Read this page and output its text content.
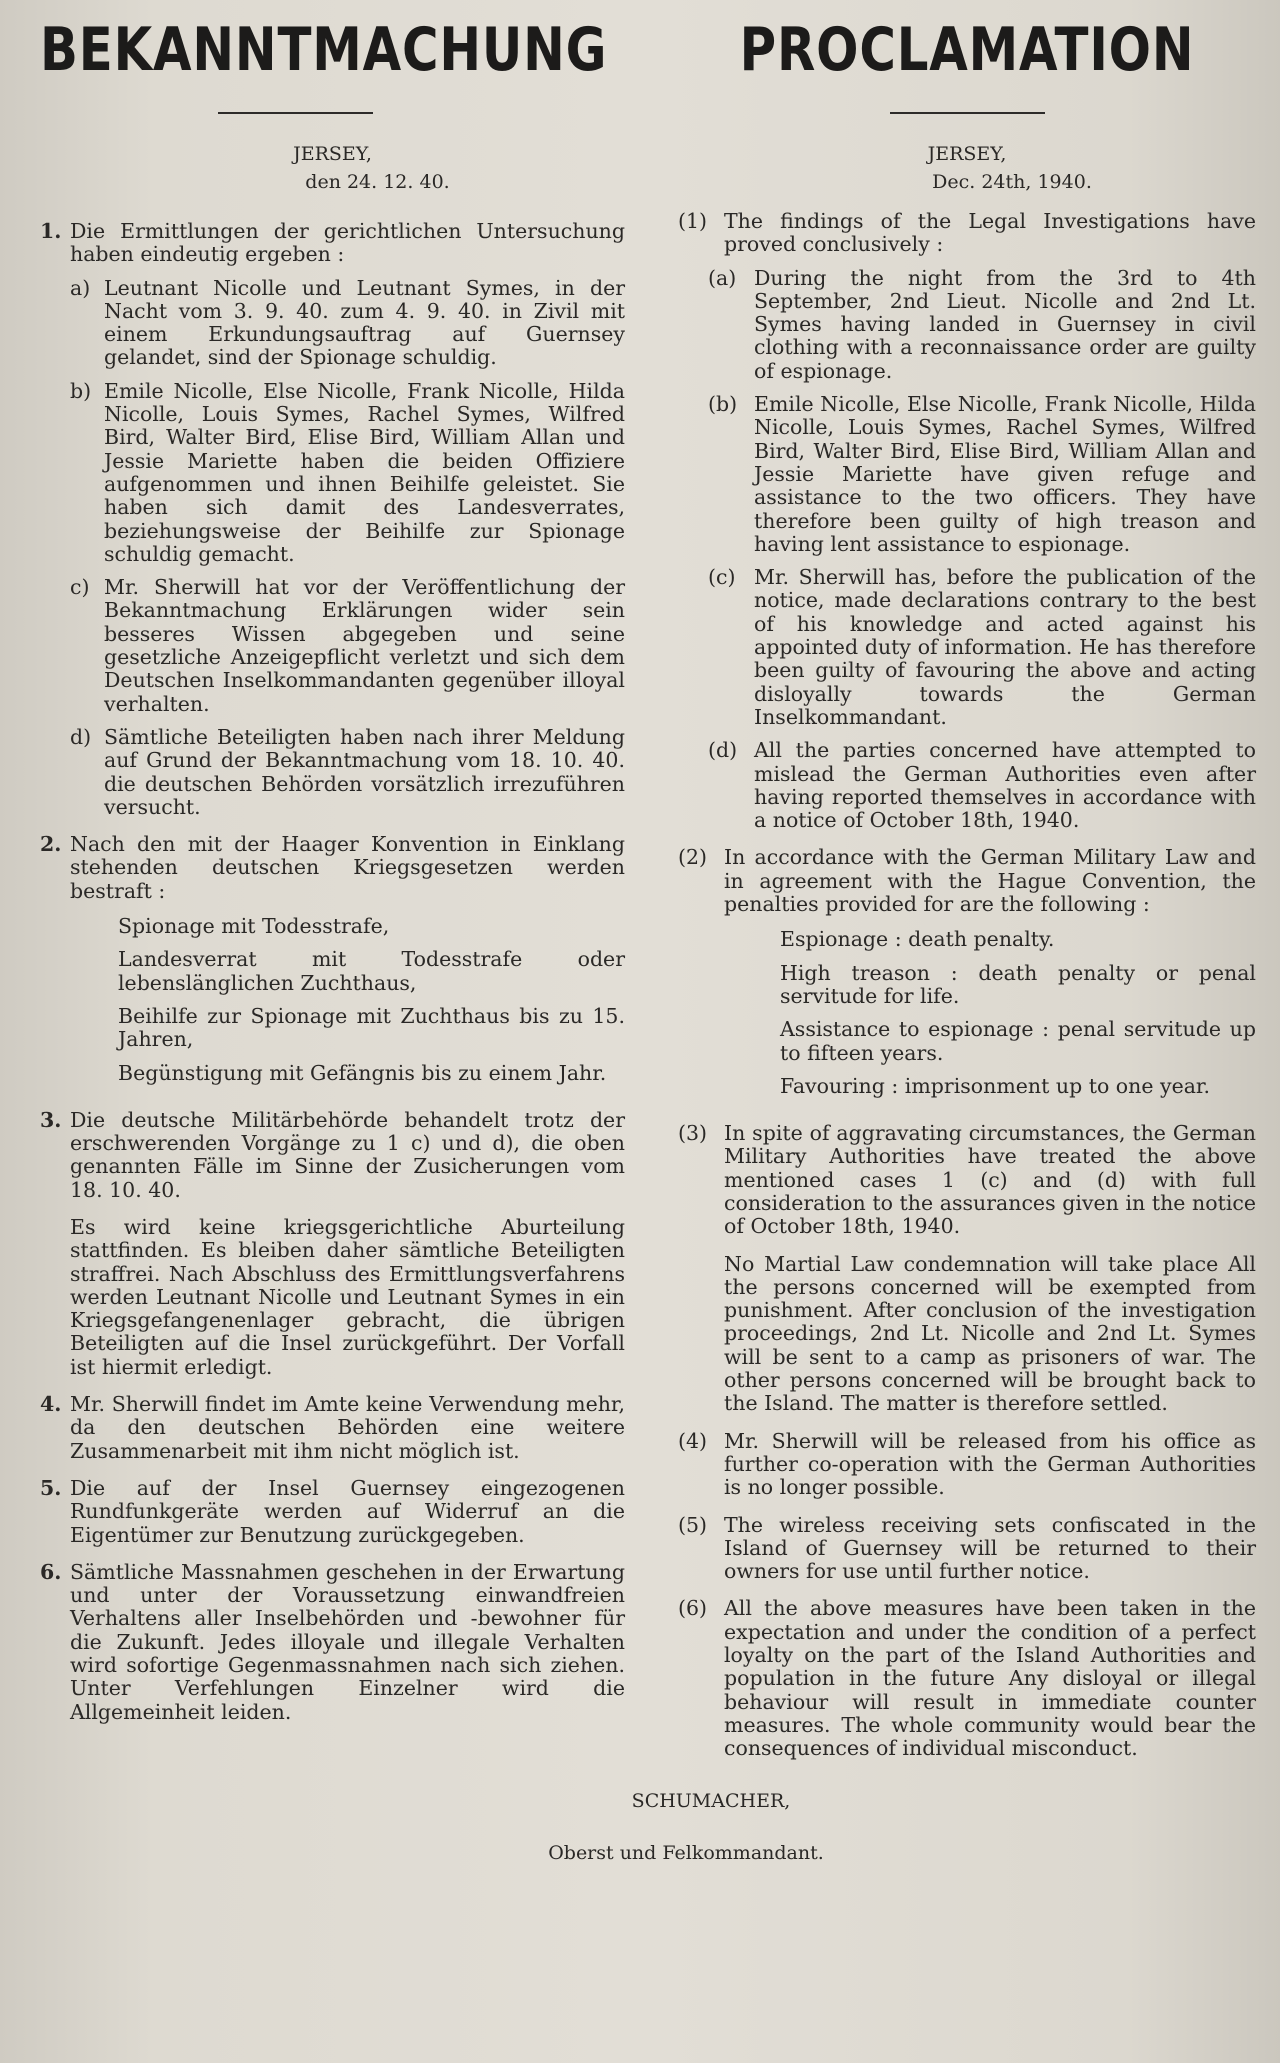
BEKANNTMACHUNG
JERSEY,
den 24. 12. 40.
1. Die Ermittlungen der gerichtlichen Untersuchung haben eindeutig ergeben :
a) Leutnant Nicolle und Leutnant Symes, in der Nacht vom 3. 9. 40. zum 4. 9. 40. in Zivil mit einem Erkundungsauftrag auf Guernsey gelandet, sind der Spionage schuldig.
b) Emile Nicolle, Else Nicolle, Frank Nicolle, Hilda Nicolle, Louis Symes, Rachel Symes, Wilfred Bird, Walter Bird, Elise Bird, William Allan und Jessie Mariette haben die beiden Offiziere aufgenommen und ihnen Beihilfe geleistet. Sie haben sich damit des Landesverrates, beziehungsweise der Beihilfe zur Spionage schuldig gemacht.
c) Mr. Sherwill hat vor der Veröffentlichung der Bekanntmachung Erklärungen wider sein besseres Wissen abgegeben und seine gesetzliche Anzeigepflicht verletzt und sich dem Deutschen Inselkommandanten gegenüber illoyal verhalten.
d) Sämtliche Beteiligten haben nach ihrer Meldung auf Grund der Bekanntmachung vom 18. 10. 40. die deutschen Behörden vorsätzlich irrezuführen versucht.
2. Nach den mit der Haager Konvention in Einklang stehenden deutschen Kriegsgesetzen werden bestraft :

Spionage mit Todesstrafe,

Landesverrat mit Todesstrafe oder lebenslänglichen Zuchthaus,

Beihilfe zur Spionage mit Zuchthaus bis zu 15. Jahren,

Begünstigung mit Gefängnis bis zu einem Jahr.

3. Die deutsche Militärbehörde behandelt trotz der erschwerenden Vorgänge zu 1 c) und d), die oben genannten Fälle im Sinne der Zusicherungen vom 18. 10. 40.
Es wird keine kriegsgerichtliche Aburteilung stattfinden. Es bleiben daher sämtliche Beteiligten straffrei. Nach Abschluss des Ermittlungsverfahrens werden Leutnant Nicolle und Leutnant Symes in ein Kriegsgefangenenlager gebracht, die übrigen Beteiligten auf die Insel zurückgeführt. Der Vorfall ist hiermit erledigt.
4. Mr. Sherwill findet im Amte keine Verwendung mehr, da den deutschen Behörden eine weitere Zusammenarbeit mit ihm nicht möglich ist.
5. Die auf der Insel Guernsey eingezogenen Rundfunkgeräte werden auf Widerruf an die Eigentümer zur Benutzung zurückgegeben.
6. Sämtliche Massnahmen geschehen in der Erwartung und unter der Voraussetzung einwandfreien Verhaltens aller Inselbehörden und -bewohner für die Zukunft. Jedes illoyale und illegale Verhalten wird sofortige Gegenmassnahmen nach sich ziehen. Unter Verfehlungen Einzelner wird die Allgemeinheit leiden.
PROCLAMATION
JERSEY,
Dec. 24th, 1940.
(1) The findings of the Legal Investigations have proved conclusively :
(a) During the night from the 3rd to 4th September, 2nd Lieut. Nicolle and 2nd Lt. Symes having landed in Guernsey in civil clothing with a reconnaissance order are guilty of espionage.
(b) Emile Nicolle, Else Nicolle, Frank Nicolle, Hilda Nicolle, Louis Symes, Rachel Symes, Wilfred Bird, Walter Bird, Elise Bird, William Allan and Jessie Mariette have given refuge and assistance to the two officers. They have therefore been guilty of high treason and having lent assistance to espionage.
(c) Mr. Sherwill has, before the publication of the notice, made declarations contrary to the best of his knowledge and acted against his appointed duty of information. He has therefore been guilty of favouring the above and acting disloyally towards the German Inselkommandant.
(d) All the parties concerned have attempted to mislead the German Authorities even after having reported themselves in accordance with a notice of October 18th, 1940.
(2) In accordance with the German Military Law and in agreement with the Hague Convention, the penalties provided for are the following :

Espionage : death penalty.

High treason : death penalty or penal servitude for life.

Assistance to espionage : penal servitude up to fifteen years.

Favouring : imprisonment up to one year.

(3) In spite of aggravating circumstances, the German Military Authorities have treated the above mentioned cases 1 (c) and (d) with full consideration to the assurances given in the notice of October 18th, 1940.
No Martial Law condemnation will take place All the persons concerned will be exempted from punishment. After conclusion of the investigation proceedings, 2nd Lt. Nicolle and 2nd Lt. Symes will be sent to a camp as prisoners of war. The other persons concerned will be brought back to the Island. The matter is therefore settled.
(4) Mr. Sherwill will be released from his office as further co-operation with the German Authorities is no longer possible.
(5) The wireless receiving sets confiscated in the Island of Guernsey will be returned to their owners for use until further notice.
(6) All the above measures have been taken in the expectation and under the condition of a perfect loyalty on the part of the Island Authorities and population in the future Any disloyal or illegal behaviour will result in immediate counter measures. The whole community would bear the consequences of individual misconduct.
SCHUMACHER,
Oberst und Felkommandant.
